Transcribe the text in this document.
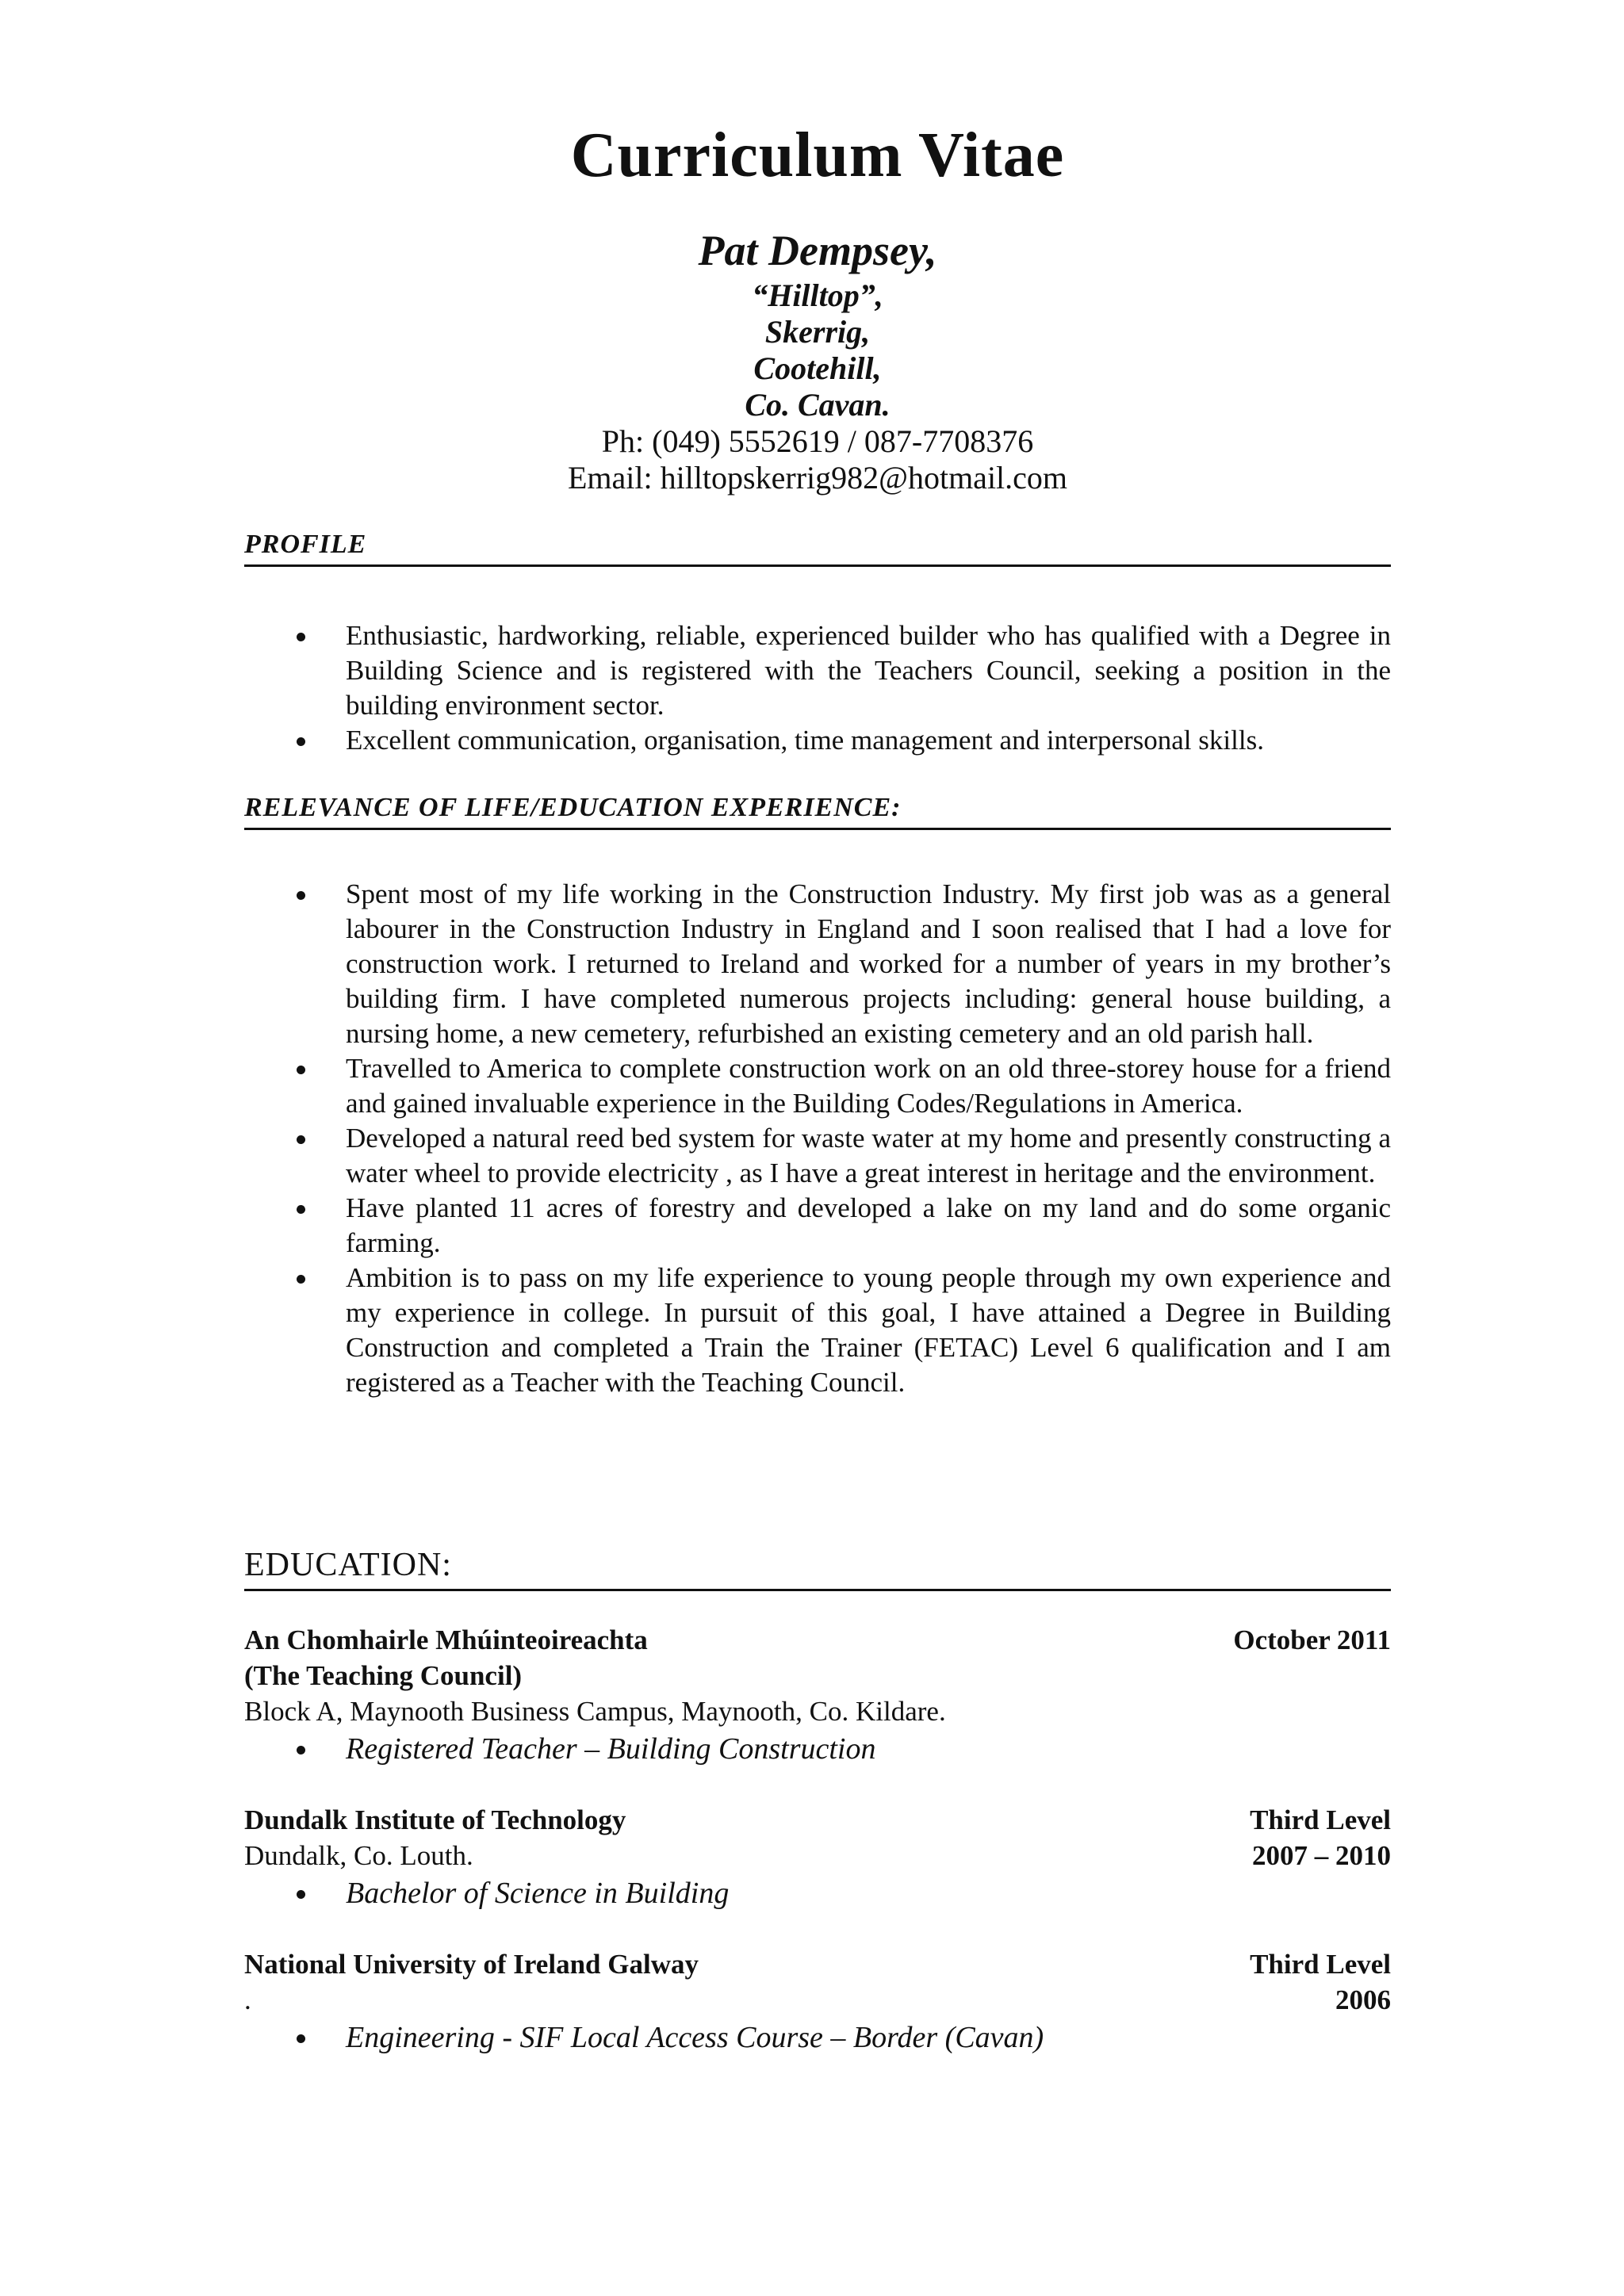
Curriculum Vitae
Pat Dempsey,
“Hilltop”,
Skerrig,
Cootehill,
Co. Cavan.
Ph: (049) 5552619 / 087-7708376
Email: hilltopskerrig982@hotmail.com
PROFILE
Enthusiastic, hardworking, reliable, experienced builder who has qualified with a Degree in Building Science and is registered with the Teachers Council, seeking a position in the building environment sector.
Excellent communication, organisation, time management and interpersonal skills.
RELEVANCE OF LIFE/EDUCATION EXPERIENCE:
Spent most of my life working in the Construction Industry. My first job was as a general labourer in the Construction Industry in England and I soon realised that I had a love for construction work. I returned to Ireland and worked for a number of years in my brother’s building firm. I have completed numerous projects including: general house building, a nursing home, a new cemetery, refurbished an existing cemetery and an old parish hall.
Travelled to America to complete construction work on an old three-storey house for a friend and gained invaluable experience in the Building Codes/Regulations in America.
Developed a natural reed bed system for waste water at my home and presently constructing a water wheel to provide electricity , as I have a great interest in heritage and the environment.
Have planted 11 acres of forestry and developed a lake on my land and do some organic farming.
Ambition is to pass on my life experience to young people through my own experience and my experience in college. In pursuit of this goal, I have attained a Degree in Building Construction and completed a Train the Trainer (FETAC) Level 6 qualification and I am registered as a Teacher with the Teaching Council.
EDUCATION:
An Chomhairle Mhúinteoireachta	October 2011
(The Teaching Council)
Block A, Maynooth Business Campus, Maynooth, Co. Kildare.
Registered Teacher – Building Construction
Dundalk Institute of Technology	Third Level
Dundalk, Co. Louth.	2007 – 2010
Bachelor of Science in Building
National University of Ireland Galway	Third Level
.	2006
Engineering - SIF Local Access Course – Border (Cavan)
